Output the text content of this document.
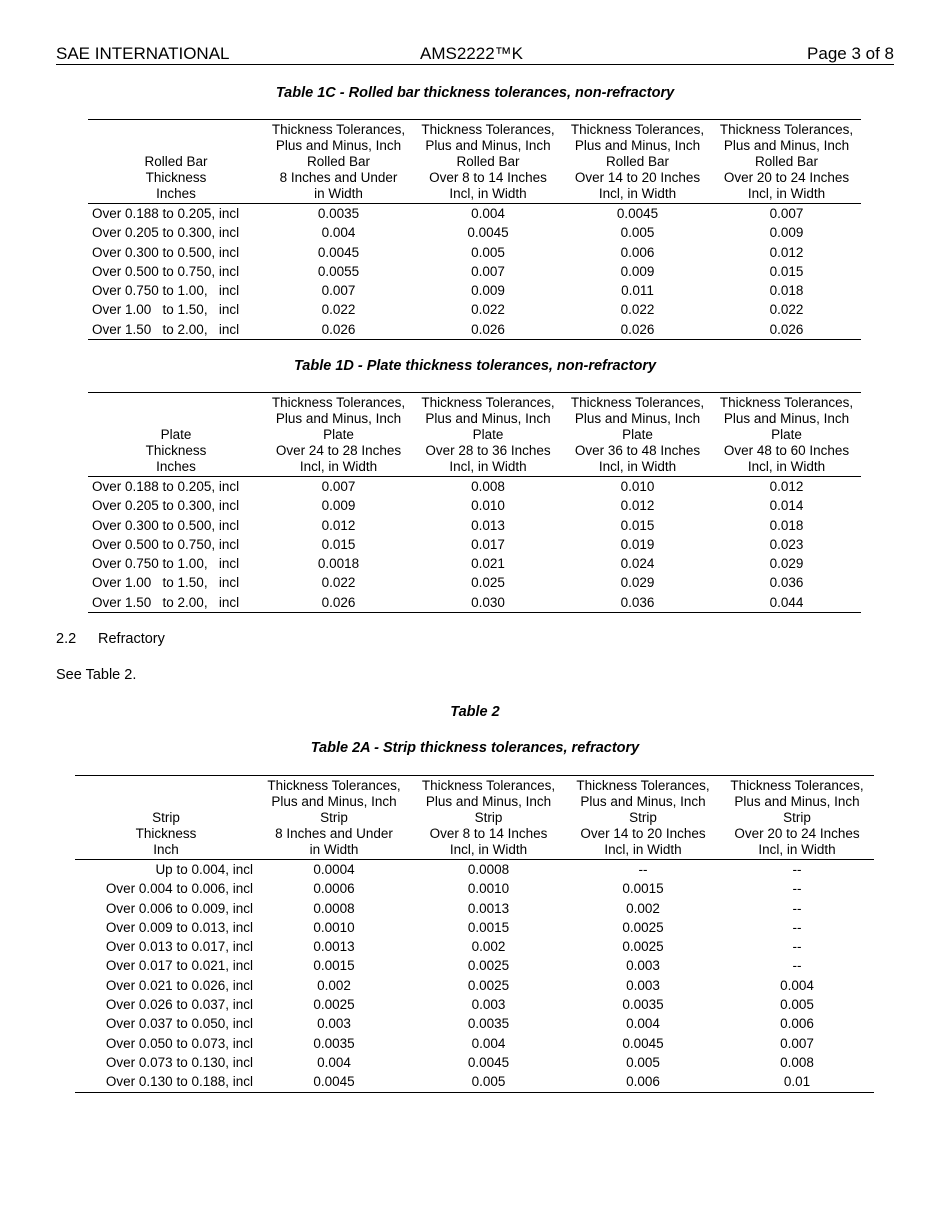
SAE INTERNATIONAL	AMS2222™K	Page 3 of 8
Table 1C - Rolled bar thickness tolerances, non-refractory
Rolled Bar
Thickness
Inches	Thickness Tolerances,
Plus and Minus, Inch
Rolled Bar
8 Inches and Under
in Width	Thickness Tolerances,
Plus and Minus, Inch
Rolled Bar
Over 8 to 14 Inches
Incl, in Width	Thickness Tolerances,
Plus and Minus, Inch
Rolled Bar
Over 14 to 20 Inches
Incl, in Width	Thickness Tolerances,
Plus and Minus, Inch
Rolled Bar
Over 20 to 24 Inches
Incl, in Width

Over 0.188 to 0.205, incl	0.0035	0.004	0.0045	0.007
Over 0.205 to 0.300, incl	0.004	0.0045	0.005	0.009
Over 0.300 to 0.500, incl	0.0045	0.005	0.006	0.012
Over 0.500 to 0.750, incl	0.0055	0.007	0.009	0.015
Over 0.750 to 1.00,   incl	0.007	0.009	0.011	0.018
Over 1.00   to 1.50,   incl	0.022	0.022	0.022	0.022
Over 1.50   to 2.00,   incl	0.026	0.026	0.026	0.026
Table 1D - Plate thickness tolerances, non-refractory
Plate
Thickness
Inches	Thickness Tolerances,
Plus and Minus, Inch
Plate
Over 24 to 28 Inches
Incl, in Width	Thickness Tolerances,
Plus and Minus, Inch
Plate
Over 28 to 36 Inches
Incl, in Width	Thickness Tolerances,
Plus and Minus, Inch
Plate
Over 36 to 48 Inches
Incl, in Width	Thickness Tolerances,
Plus and Minus, Inch
Plate
Over 48 to 60 Inches
Incl, in Width

Over 0.188 to 0.205, incl	0.007	0.008	0.010	0.012
Over 0.205 to 0.300, incl	0.009	0.010	0.012	0.014
Over 0.300 to 0.500, incl	0.012	0.013	0.015	0.018
Over 0.500 to 0.750, incl	0.015	0.017	0.019	0.023
Over 0.750 to 1.00,   incl	0.0018	0.021	0.024	0.029
Over 1.00   to 1.50,   incl	0.022	0.025	0.029	0.036
Over 1.50   to 2.00,   incl	0.026	0.030	0.036	0.044
2.2 Refractory
See Table 2.
Table 2
Table 2A - Strip thickness tolerances, refractory
Strip
Thickness
Inch	Thickness Tolerances,
Plus and Minus, Inch
Strip
8 Inches and Under
in Width	Thickness Tolerances,
Plus and Minus, Inch
Strip
Over 8 to 14 Inches
Incl, in Width	Thickness Tolerances,
Plus and Minus, Inch
Strip
Over 14 to 20 Inches
Incl, in Width	Thickness Tolerances,
Plus and Minus, Inch
Strip
Over 20 to 24 Inches
Incl, in Width

Up to 0.004, incl	0.0004	0.0008	--	--
Over 0.004 to 0.006, incl	0.0006	0.0010	0.0015	--
Over 0.006 to 0.009, incl	0.0008	0.0013	0.002	--
Over 0.009 to 0.013, incl	0.0010	0.0015	0.0025	--
Over 0.013 to 0.017, incl	0.0013	0.002	0.0025	--
Over 0.017 to 0.021, incl	0.0015	0.0025	0.003	--
Over 0.021 to 0.026, incl	0.002	0.0025	0.003	0.004
Over 0.026 to 0.037, incl	0.0025	0.003	0.0035	0.005
Over 0.037 to 0.050, incl	0.003	0.0035	0.004	0.006
Over 0.050 to 0.073, incl	0.0035	0.004	0.0045	0.007
Over 0.073 to 0.130, incl	0.004	0.0045	0.005	0.008
Over 0.130 to 0.188, incl	0.0045	0.005	0.006	0.01
